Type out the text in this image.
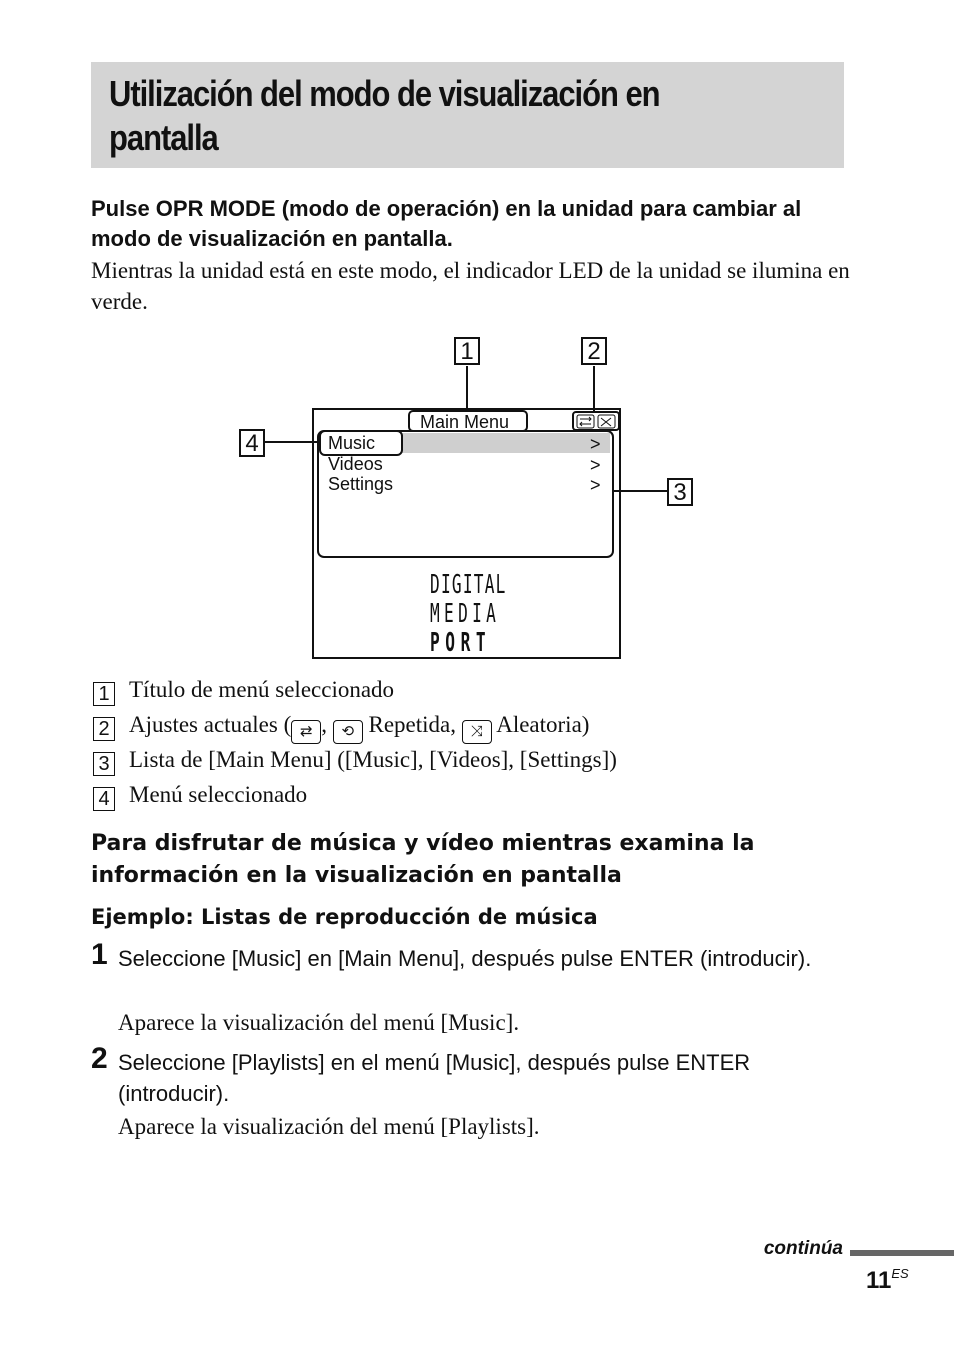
Utilización del modo de visualización en
pantalla
Pulse OPR MODE (modo de operación) en la unidad para cambiar al modo de visualización en pantalla.
Mientras la unidad está en este modo, el indicador LED de la unidad se ilumina en verde.
1	2
3
4
Main Menu
Music	>
Videos	>
Settings	>
DIGITAL
MEDIA
PORT
1 Título de menú seleccionado
2 Ajustes actuales ( ⇄ , ⟲ Repetida, ⤨ Aleatoria)
3 Lista de [Main Menu] ([Music], [Videos], [Settings])
4 Menú seleccionado
Para disfrutar de música y vídeo mientras examina la información en la visualización en pantalla
Ejemplo: Listas de reproducción de música
1 Seleccione [Music] en [Main Menu], después pulse ENTER (introducir).
Aparece la visualización del menú [Music].
2 Seleccione [Playlists] en el menú [Music], después pulse ENTER (introducir).
Aparece la visualización del menú [Playlists].
continúa
$11^{ES}$
